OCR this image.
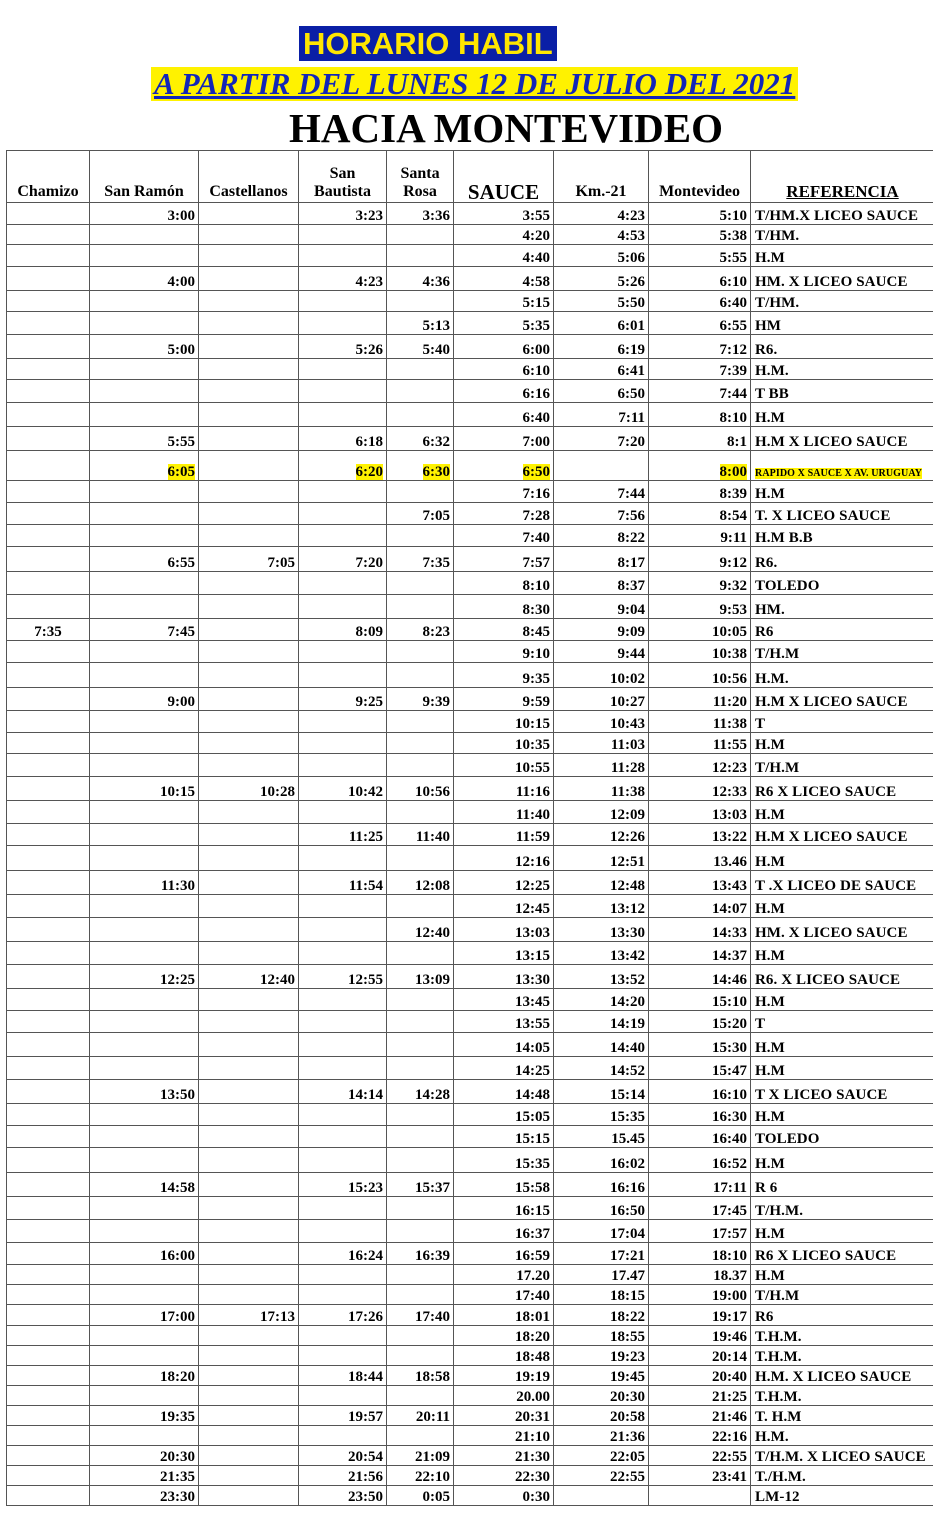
HORARIO HABIL
A PARTIR DEL LUNES 12 DE JULIO DEL 2021
HACIA MONTEVIDEO
Chamizo	San Ramón	Castellanos	San Bautista	Santa Rosa	SAUCE	Km.-21	Montevideo	REFERENCIA
	3:00		3:23	3:36	3:55	4:23	5:10	T/HM.X LICEO SAUCE
					4:20	4:53	5:38	T/HM.
					4:40	5:06	5:55	H.M
	4:00		4:23	4:36	4:58	5:26	6:10	HM. X LICEO SAUCE
					5:15	5:50	6:40	T/HM.
				5:13	5:35	6:01	6:55	HM
	5:00		5:26	5:40	6:00	6:19	7:12	R6.
					6:10	6:41	7:39	H.M.
					6:16	6:50	7:44	T BB
					6:40	7:11	8:10	H.M
	5:55		6:18	6:32	7:00	7:20	8:1	H.M X LICEO SAUCE
	6:05		6:20	6:30	6:50		8:00	RAPIDO X SAUCE X AV. URUGUAY
					7:16	7:44	8:39	H.M
				7:05	7:28	7:56	8:54	T. X LICEO SAUCE
					7:40	8:22	9:11	H.M B.B
	6:55	7:05	7:20	7:35	7:57	8:17	9:12	R6.
					8:10	8:37	9:32	TOLEDO
					8:30	9:04	9:53	HM.
7:35	7:45		8:09	8:23	8:45	9:09	10:05	R6
					9:10	9:44	10:38	T/H.M
					9:35	10:02	10:56	H.M.
	9:00		9:25	9:39	9:59	10:27	11:20	H.M X LICEO SAUCE
					10:15	10:43	11:38	T
					10:35	11:03	11:55	H.M
					10:55	11:28	12:23	T/H.M
	10:15	10:28	10:42	10:56	11:16	11:38	12:33	R6 X LICEO SAUCE
					11:40	12:09	13:03	H.M
			11:25	11:40	11:59	12:26	13:22	H.M X LICEO SAUCE
					12:16	12:51	13.46	H.M
	11:30		11:54	12:08	12:25	12:48	13:43	T .X LICEO DE SAUCE
					12:45	13:12	14:07	H.M
				12:40	13:03	13:30	14:33	HM. X LICEO SAUCE
					13:15	13:42	14:37	H.M
	12:25	12:40	12:55	13:09	13:30	13:52	14:46	R6. X LICEO SAUCE
					13:45	14:20	15:10	H.M
					13:55	14:19	15:20	T
					14:05	14:40	15:30	H.M
					14:25	14:52	15:47	H.M
	13:50		14:14	14:28	14:48	15:14	16:10	T X LICEO SAUCE
					15:05	15:35	16:30	H.M
					15:15	15.45	16:40	TOLEDO
					15:35	16:02	16:52	H.M
	14:58		15:23	15:37	15:58	16:16	17:11	R 6
					16:15	16:50	17:45	T/H.M.
					16:37	17:04	17:57	H.M
	16:00		16:24	16:39	16:59	17:21	18:10	R6 X LICEO SAUCE
					17.20	17.47	18.37	H.M
					17:40	18:15	19:00	T/H.M
	17:00	17:13	17:26	17:40	18:01	18:22	19:17	R6
					18:20	18:55	19:46	T.H.M.
					18:48	19:23	20:14	T.H.M.
	18:20		18:44	18:58	19:19	19:45	20:40	H.M. X LICEO SAUCE
					20.00	20:30	21:25	T.H.M.
	19:35		19:57	20:11	20:31	20:58	21:46	T. H.M
					21:10	21:36	22:16	H.M.
	20:30		20:54	21:09	21:30	22:05	22:55	T/H.M. X LICEO SAUCE
	21:35		21:56	22:10	22:30	22:55	23:41	T./H.M.
	23:30		23:50	0:05	0:30			LM-12
